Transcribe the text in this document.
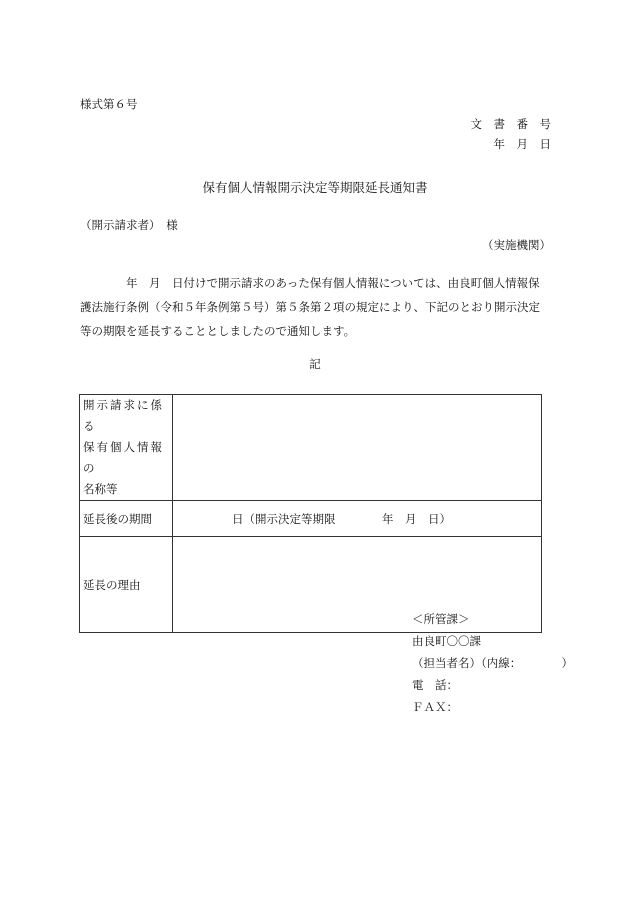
様式第６号
文　書　番　号
年　月　日
保有個人情報開示決定等期限延長通知書
（開示請求者）　様
（実施機関）
年　月　日付けで開示請求のあった保有個人情報については、由良町個人情報保
護法施行条例（令和５年条例第５号）第５条第２項の規定により、下記のとおり開示決定
等の期限を延長することとしましたので通知します。
記
開示請求に係る
保有個人情報の
名称等	

延長後の期間	日（開示決定等期限 年　月　日）
延長の理由	
＜所管課＞
由良町〇〇課
（担当者名）（内線：　　　　）
電　話：
ＦＡＸ：
